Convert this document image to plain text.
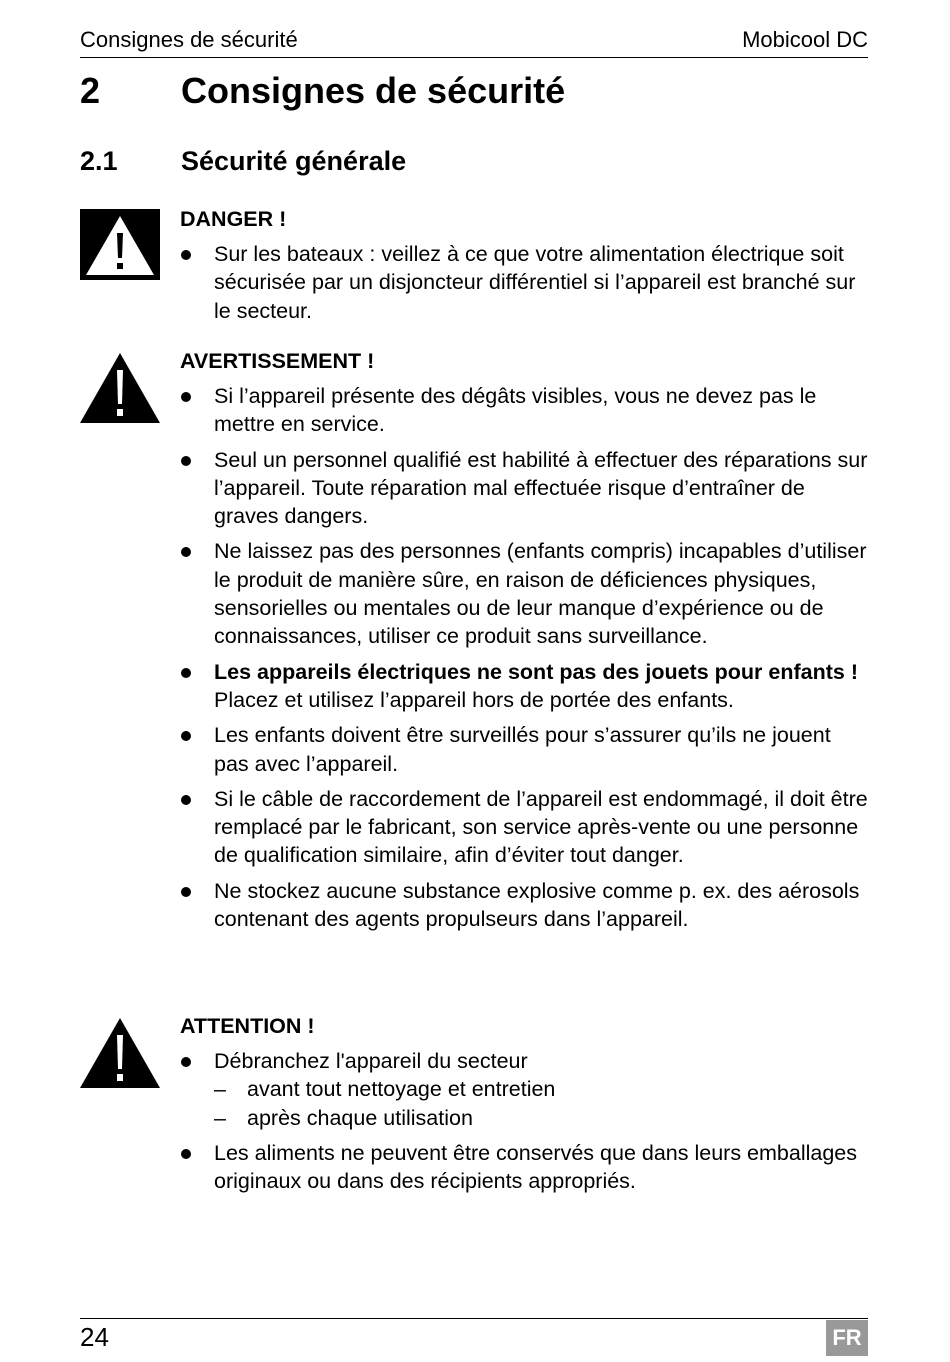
Consignes de sécurité	Mobicool DC
2 Consignes de sécurité
2.1 Sécurité générale
DANGER !
Sur les bateaux : veillez à ce que votre alimentation électrique soit sécurisée par un disjoncteur différentiel si l’appareil est branché sur le secteur.
AVERTISSEMENT !
Si l’appareil présente des dégâts visibles, vous ne devez pas le mettre en service.
Seul un personnel qualifié est habilité à effectuer des réparations sur l’appareil. Toute réparation mal effectuée risque d’entraîner de graves dangers.
Ne laissez pas des personnes (enfants compris) incapables d’utiliser le produit de manière sûre, en raison de déficiences physiques, sensorielles ou mentales ou de leur manque d’expérience ou de connaissances, utiliser ce produit sans surveillance.
Les appareils électriques ne sont pas des jouets pour enfants !
Placez et utilisez l’appareil hors de portée des enfants.
Les enfants doivent être surveillés pour s’assurer qu’ils ne jouent pas avec l’appareil.
Si le câble de raccordement de l’appareil est endommagé, il doit être remplacé par le fabricant, son service après-vente ou une personne de qualification similaire, afin d’éviter tout danger.
Ne stockez aucune substance explosive comme p. ex. des aérosols contenant des agents propulseurs dans l’appareil.
ATTENTION !
Débranchez l'appareil du secteur
– avant tout nettoyage et entretien
– après chaque utilisation
Les aliments ne peuvent être conservés que dans leurs emballages originaux ou dans des récipients appropriés.
24	FR
